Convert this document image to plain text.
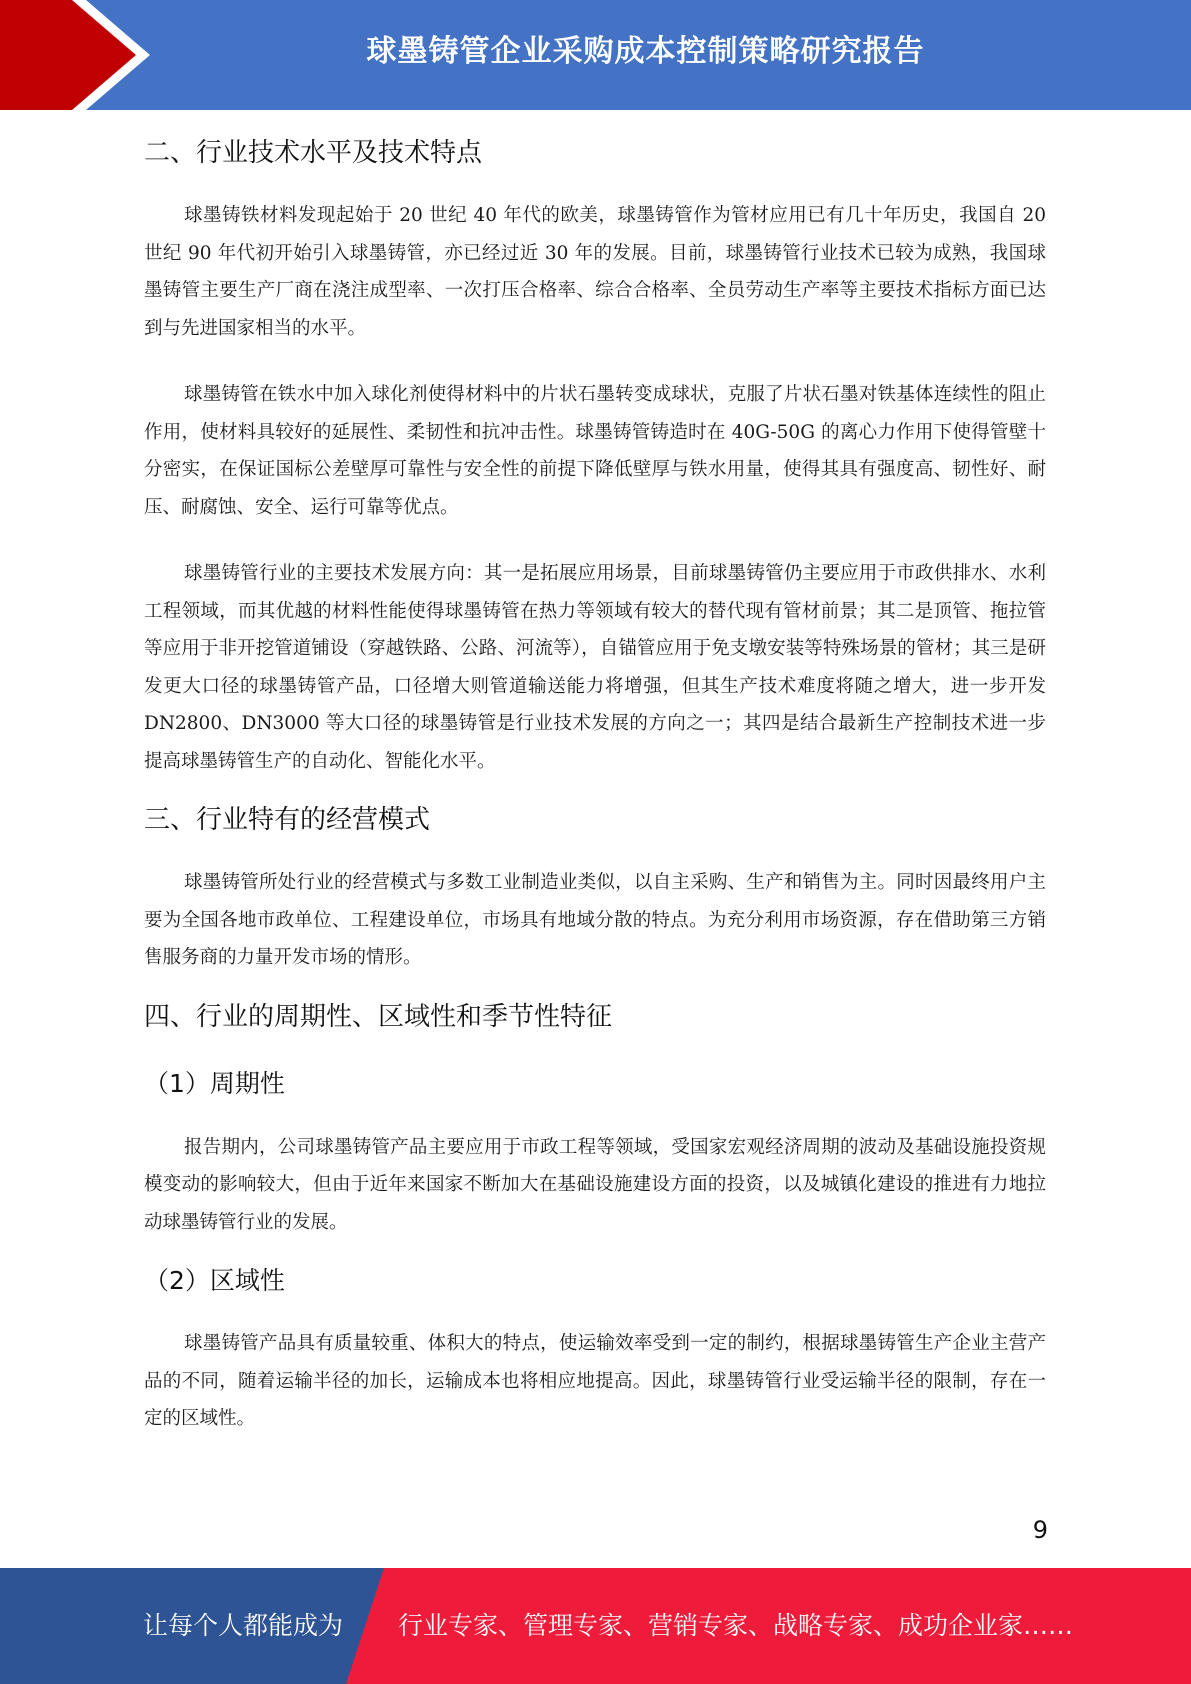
球墨铸管企业采购成本控制策略研究报告
二、行业技术水平及技术特点

球墨铸铁材料发现起始于 20 世纪 40 年代的欧美，球墨铸管作为管材应用已有几十年历史，我国自 20 世纪 90 年代初开始引入球墨铸管，亦已经过近 30 年的发展。目前，球墨铸管行业技术已较为成熟，我国球墨铸管主要生产厂商在浇注成型率、一次打压合格率、综合合格率、全员劳动生产率等主要技术指标方面已达到与先进国家相当的水平。

球墨铸管在铁水中加入球化剂使得材料中的片状石墨转变成球状，克服了片状石墨对铁基体连续性的阻止作用，使材料具较好的延展性、柔韧性和抗冲击性。球墨铸管铸造时在 40G-50G 的离心力作用下使得管壁十分密实，在保证国标公差壁厚可靠性与安全性的前提下降低壁厚与铁水用量，使得其具有强度高、韧性好、耐压、耐腐蚀、安全、运行可靠等优点。

球墨铸管行业的主要技术发展方向：其一是拓展应用场景，目前球墨铸管仍主要应用于市政供排水、水利工程领域，而其优越的材料性能使得球墨铸管在热力等领域有较大的替代现有管材前景；其二是顶管、拖拉管等应用于非开挖管道铺设（穿越铁路、公路、河流等），自锚管应用于免支墩安装等特殊场景的管材；其三是研发更大口径的球墨铸管产品，口径增大则管道输送能力将增强，但其生产技术难度将随之增大，进一步开发 DN2800、DN3000 等大口径的球墨铸管是行业技术发展的方向之一；其四是结合最新生产控制技术进一步提高球墨铸管生产的自动化、智能化水平。

三、行业特有的经营模式

球墨铸管所处行业的经营模式与多数工业制造业类似，以自主采购、生产和销售为主。同时因最终用户主要为全国各地市政单位、工程建设单位，市场具有地域分散的特点。为充分利用市场资源，存在借助第三方销售服务商的力量开发市场的情形。

四、行业的周期性、区域性和季节性特征
（1）周期性

报告期内，公司球墨铸管产品主要应用于市政工程等领域，受国家宏观经济周期的波动及基础设施投资规模变动的影响较大，但由于近年来国家不断加大在基础设施建设方面的投资，以及城镇化建设的推进有力地拉动球墨铸管行业的发展。

（2）区域性

球墨铸管产品具有质量较重、体积大的特点，使运输效率受到一定的制约，根据球墨铸管生产企业主营产品的不同，随着运输半径的加长，运输成本也将相应地提高。因此，球墨铸管行业受运输半径的限制，存在一定的区域性。

9
让每个人都能成为 行业专家、管理专家、营销专家、战略专家、成功企业家……
